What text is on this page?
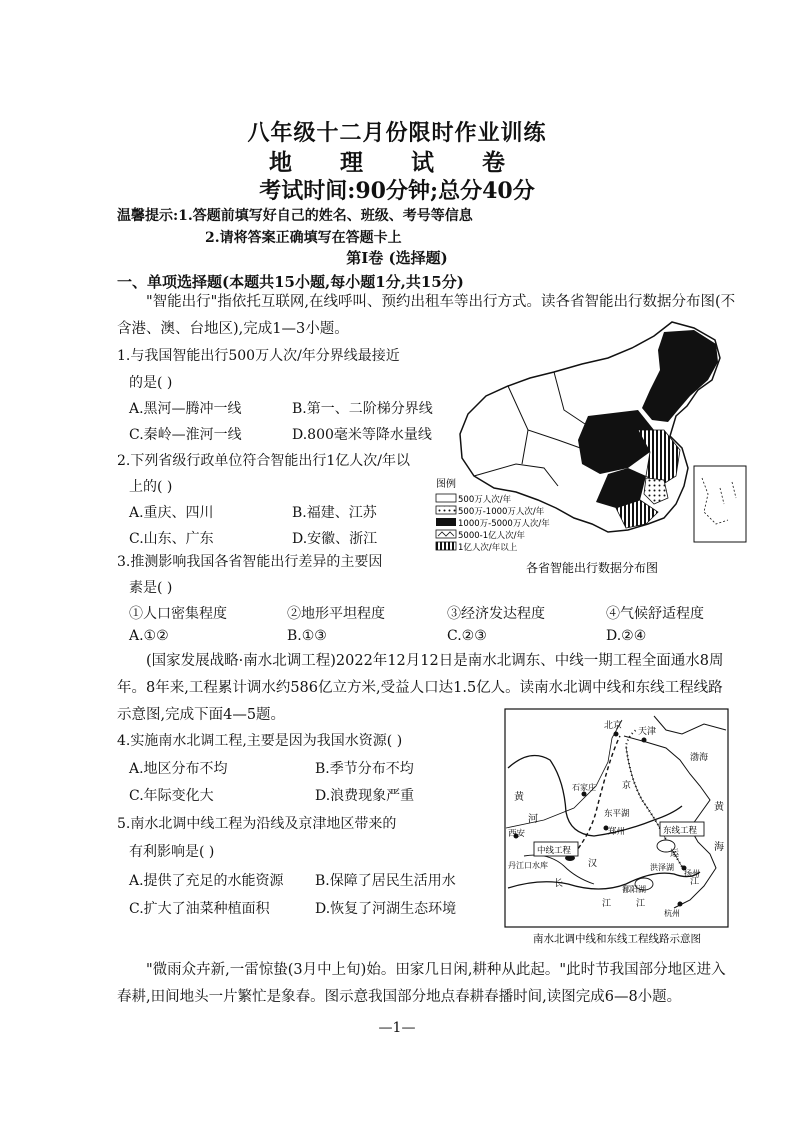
八年级十二月份限时作业训练
地 理 试 卷
考试时间:90分钟;总分40分
温馨提示:1.答题前填写好自己的姓名、班级、考号等信息
2.请将答案正确填写在答题卡上
第Ⅰ卷 (选择题)
一、单项选择题(本题共15小题,每小题1分,共15分)
"智能出行"指依托互联网,在线呼叫、预约出租车等出行方式。读各省智能出行数据分布图(不含港、澳、台地区),完成1—3小题。
1.与我国智能出行500万人次/年分界线最接近
的是( )
A.黑河—腾冲一线	B.第一、二阶梯分界线
C.秦岭—淮河一线	D.800毫米等降水量线
2.下列省级行政单位符合智能出行1亿人次/年以
上的( )
A.重庆、四川	B.福建、江苏
C.山东、广东	D.安徽、浙江
3.推测影响我国各省智能出行差异的主要因
素是( )
①人口密集程度	②地形平坦程度	③经济发达程度	④气候舒适程度
A.①②	B.①③	C.②③	D.②④
图例
500万人次/年
500万-1000万人次/年
1000万-5000万人次/年
5000-1亿人次/年
1亿人次/年以上
各省智能出行数据分布图
(国家发展战略·南水北调工程)2022年12月12日是南水北调东、中线一期工程全面通水8周年。8年来,工程累计调水约586亿立方米,受益人口达1.5亿人。读南水北调中线和东线工程线路示意图,完成下面4—5题。
4.实施南水北调工程,主要是因为我国水资源( )
A.地区分布不均	B.季节分布不均
C.年际变化大	D.浪费现象严重
5.南水北调中线工程为沿线及京津地区带来的
有利影响是( )
A.提供了充足的水能资源 B.保障了居民生活用水
C.扩大了油菜种植面积	D.恢复了河湖生态环境
北京
天津
渤海
石家庄	京
黄
河
黄
海
西安	郑州
东平湖
中线工程
东线工程
运
洪泽湖
扬州
丹江口水库	汉
长
江	江
江
鄱阳湖
杭州
南水北调中线和东线工程线路示意图
"微雨众卉新,一雷惊蛰(3月中上旬)始。田家几日闲,耕种从此起。"此时节我国部分地区进入春耕,田间地头一片繁忙是象春。图示意我国部分地点春耕春播时间,读图完成6—8小题。
—1—
